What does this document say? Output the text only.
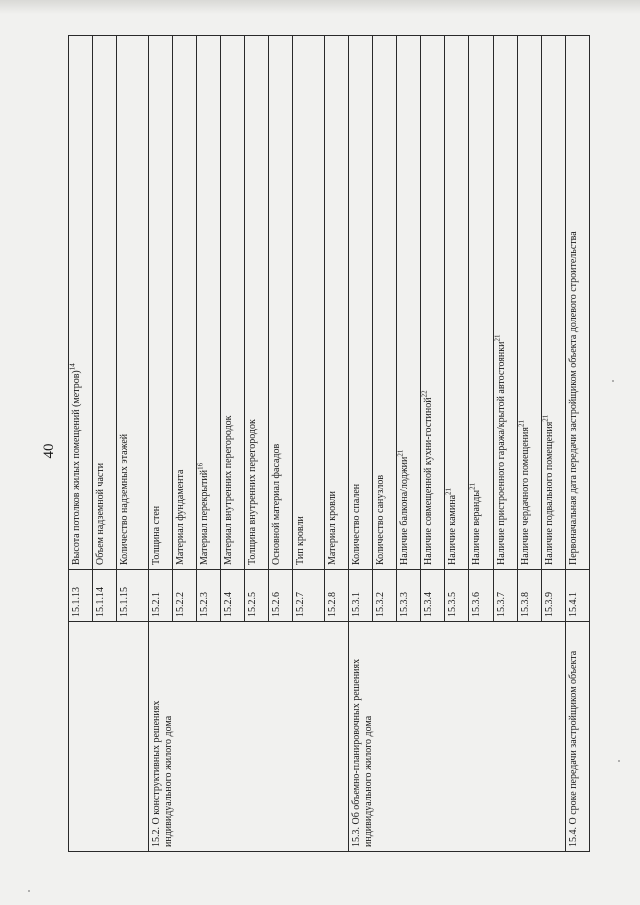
40
	15.1.13	Высота потолков жилых помещений (метров)$^{14}$
	15.1.14	Объем надземной части
	15.1.15	Количество надземных этажей
15.2. О конструктивных решениях индивидуального жилого дома	15.2.1	Толщина стен
	15.2.2	Материал фундамента
	15.2.3	Материал перекрытий$^{16}$
	15.2.4	Материал внутренних перегородок
	15.2.5	Толщина внутренних перегородок
	15.2.6	Основной материал фасадов
	15.2.7	Тип кровли
	15.2.8	Материал кровли
15.3. Об объемно-планировочных решениях индивидуального жилого дома	15.3.1	Количество спален
	15.3.2	Количество санузлов
	15.3.3	Наличие балкона/лоджии$^{21}$
	15.3.4	Наличие совмещенной кухни-гостиной$^{22}$
	15.3.5	Наличие камина$^{21}$
	15.3.6	Наличие веранды$^{21}$
	15.3.7	Наличие пристроенного гаража/крытой автостоянки$^{21}$
	15.3.8	Наличие чердачного помещения$^{21}$
	15.3.9	Наличие подвального помещения$^{21}$
15.4. О сроке передачи застройщиком объекта	15.4.1	Первоначальная дата передачи застройщиком объекта долевого строительства
